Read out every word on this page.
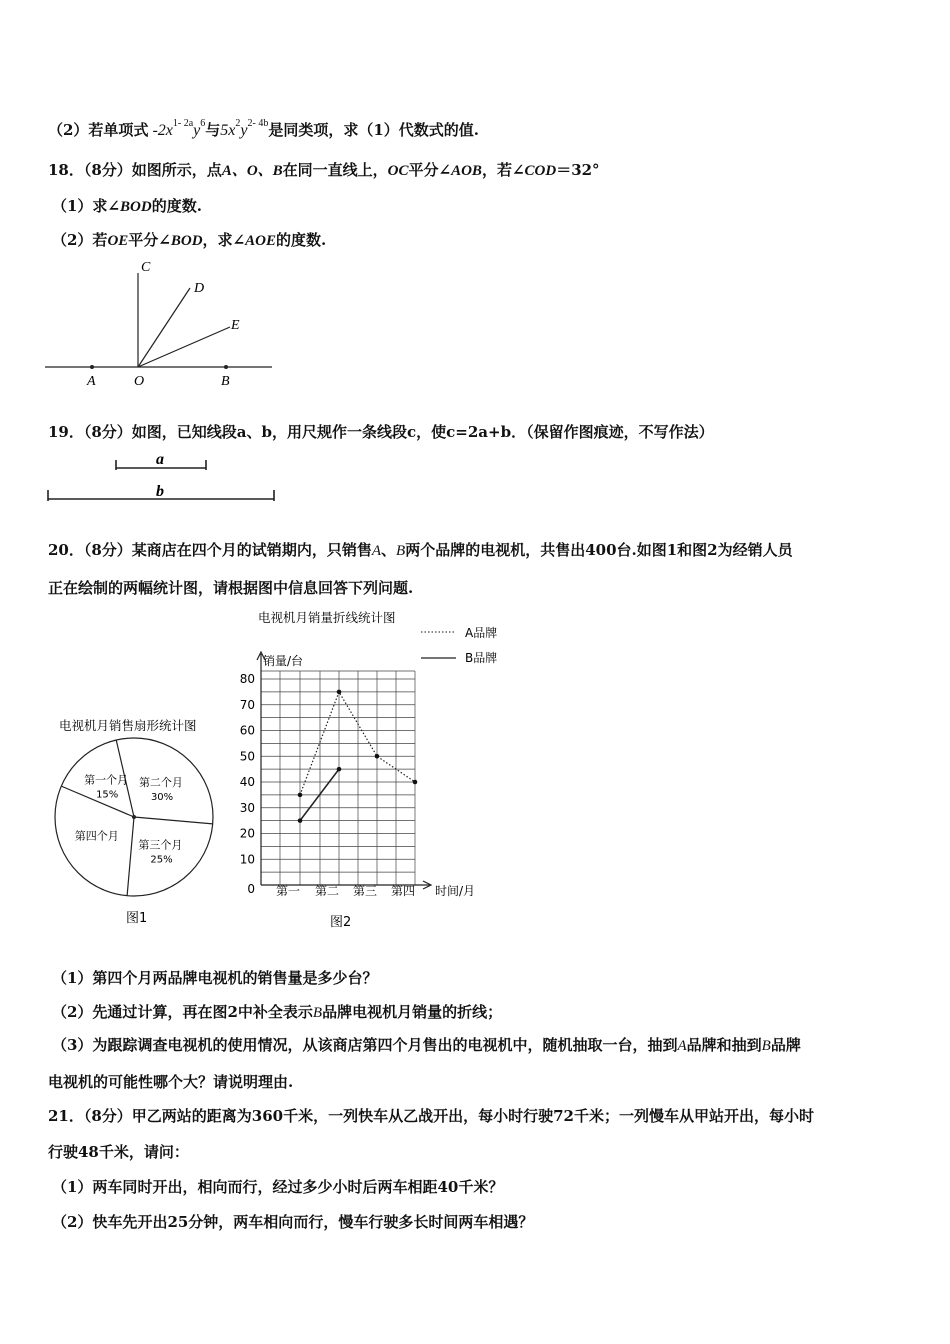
（2）若单项式 $-2x^{1- 2a}y^6$与$5x^2y^{2- 4b}$是同类项，求（1）代数式的值.
18．（8分）如图所示，点A、O、B在同一直线上，OC平分∠AOB，若∠COD＝32°
（1）求∠BOD的度数.
（2）若OE平分∠BOD，求∠AOE的度数.
C
D
E
A	O	B
19．（8分）如图，已知线段a、b，用尺规作一条线段c，使c=2a+b．（保留作图痕迹，不写作法）
a
b
20．（8分）某商店在四个月的试销期内，只销售A、B两个品牌的电视机，共售出400台.如图1和图2为经销人员
正在绘制的两幅统计图，请根据图中信息回答下列问题.
电视机月销售扇形统计图
第一个月
15%
第二个月
30%
第三个月
25%
第四个月
图1
电视机月销量折线统计图
A品牌
B品牌
销量/台
时间/月
0
10
20
30
40
50
60
70
80
第一 第二 第三 第四
图2
（1）第四个月两品牌电视机的销售量是多少台？
（2）先通过计算，再在图2中补全表示B品牌电视机月销量的折线；
（3）为跟踪调查电视机的使用情况，从该商店第四个月售出的电视机中，随机抽取一台，抽到A品牌和抽到B品牌
电视机的可能性哪个大？请说明理由.
21．（8分）甲乙两站的距离为360千米，一列快车从乙战开出，每小时行驶72千米；一列慢车从甲站开出，每小时
行驶48千米，请问：
（1）两车同时开出，相向而行，经过多少小时后两车相距40千米？
（2）快车先开出25分钟，两车相向而行，慢车行驶多长时间两车相遇？
